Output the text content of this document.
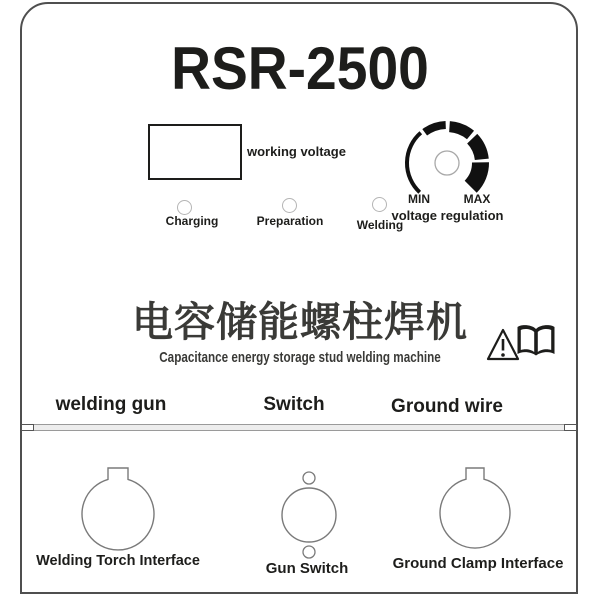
RSR-2500
working voltage
MIN	MAX
voltage regulation
Charging	Preparation	Welding
电容储能螺柱焊机
Capacitance energy storage stud welding machine
welding gun	Switch	Ground wire
Welding Torch Interface	Gun Switch	Ground Clamp Interface
